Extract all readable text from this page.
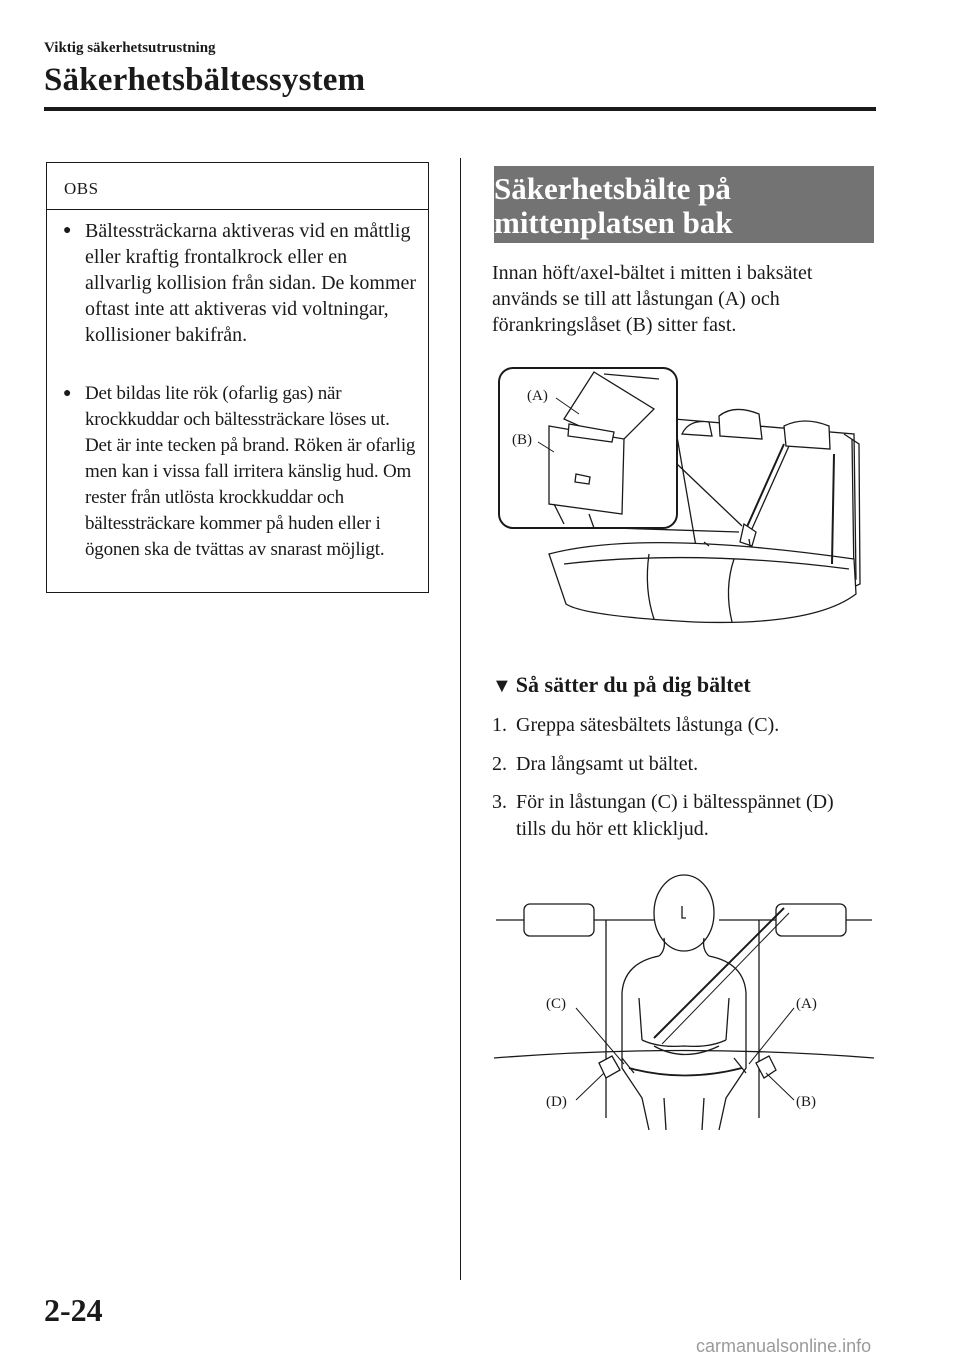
Viktig säkerhetsutrustning
Säkerhetsbältessystem
OBS
● Bältessträckarna aktiveras vid en måttlig eller kraftig frontalkrock eller en allvarlig kollision från sidan. De kommer oftast inte att aktiveras vid voltningar, kollisioner bakifrån.
● Det bildas lite rök (ofarlig gas) när krockkuddar och bältessträckare löses ut. Det är inte tecken på brand. Röken är ofarlig men kan i vissa fall irritera känslig hud. Om rester från utlösta krockkuddar och bältessträckare kommer på huden eller i ögonen ska de tvättas av snarast möjligt.
Säkerhetsbälte på
mittenplatsen bak
Innan höft/axel-bältet i mitten i baksätet används se till att låstungan (A) och förankringslåset (B) sitter fast.
(A)
(B)
▼ Så sätter du på dig bältet
1. Greppa sätesbältets låstunga (C).
2. Dra långsamt ut bältet.
3. För in låstungan (C) i bältesspännet (D) tills du hör ett klickljud.
(C)	(A)
(D)	(B)
2-24
carmanualsonline.info
